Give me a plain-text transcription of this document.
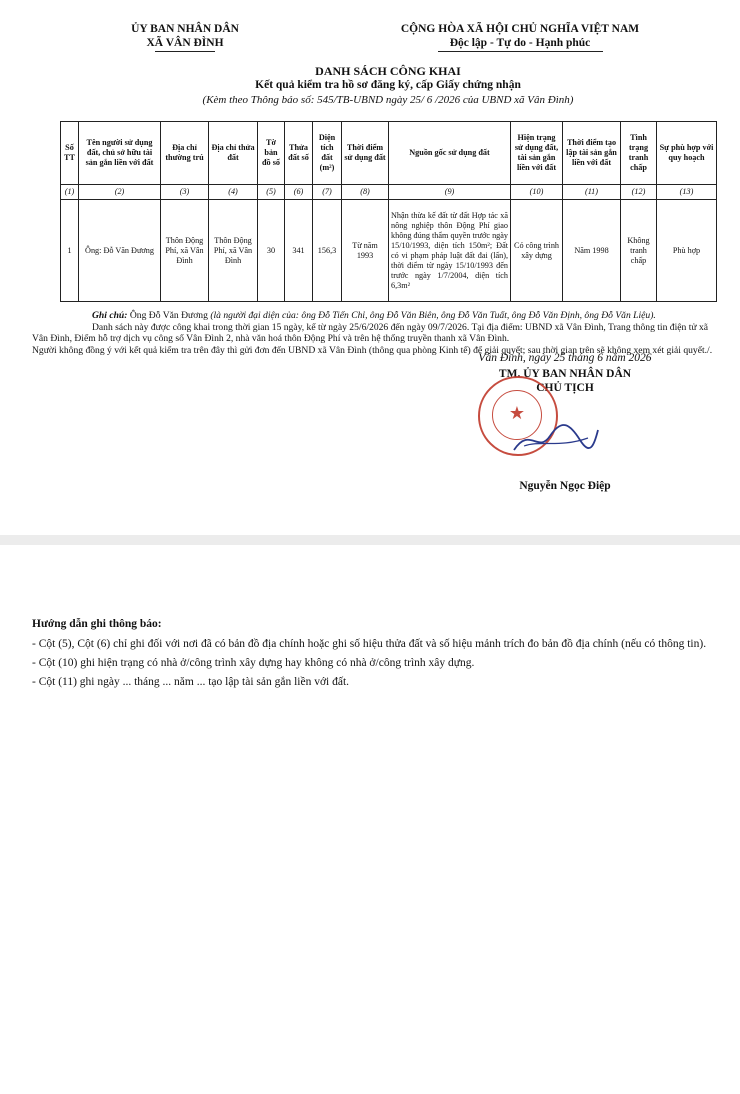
ỦY BAN NHÂN DÂN
XÃ VÂN ĐÌNH
CỘNG HÒA XÃ HỘI CHỦ NGHĨA VIỆT NAM
Độc lập - Tự do - Hạnh phúc
DANH SÁCH CÔNG KHAI
Kết quả kiểm tra hồ sơ đăng ký, cấp Giấy chứng nhận
(Kèm theo Thông báo số: 545/TB-UBND ngày 25/ 6 /2026 của UBND xã Vân Đình)
Số TT	Tên người sử dụng đất, chủ sở hữu tài sản gắn liền với đất	Địa chỉ thường trú	Địa chỉ thửa đất	Tờ bản đồ số	Thửa đất số	Diện tích đất (m²)	Thời điểm sử dụng đất	Nguồn gốc sử dụng đất	Hiện trạng sử dụng đất, tài sản gắn liền với đất	Thời điểm tạo lập tài sản gắn liền với đất	Tình trạng tranh chấp	Sự phù hợp với quy hoạch
(1)	(2)	(3)	(4)	(5)	(6)	(7)	(8)	(9)	(10)	(11)	(12)	(13)
1	Ông: Đỗ Văn Đương	Thôn Động Phí, xã Vân Đình	Thôn Động Phí, xã Vân Đình	30	341	156,3	Từ năm 1993	Nhận thừa kế đất từ đất Hợp tác xã nông nghiệp thôn Động Phí giao không đúng thẩm quyền trước ngày 15/10/1993, diện tích 150m²; Đất có vi phạm pháp luật đất đai (lấn), thời điểm từ ngày 15/10/1993 đến trước ngày 1/7/2004, diện tích 6,3m²	Có công trình xây dựng	Năm 1998	Không tranh chấp	Phù hợp
Ghi chú: Ông Đỗ Văn Đương (là người đại diện của: ông Đỗ Tiến Chỉ, ông Đỗ Văn Biên, ông Đỗ Văn Tuất, ông Đỗ Văn Định, ông Đỗ Văn Liệu).
Danh sách này được công khai trong thời gian 15 ngày, kể từ ngày 25/6/2026 đến ngày 09/7/2026. Tại địa điểm: UBND xã Vân Đình, Trang thông tin điện tử xã Vân Đình, Điểm hỗ trợ dịch vụ công số Vân Đình 2, nhà văn hoá thôn Động Phí và trên hệ thống truyền thanh xã Vân Đình.
Người không đồng ý với kết quả kiểm tra trên đây thì gửi đơn đến UBND xã Vân Đình (thông qua phòng Kinh tế) để giải quyết; sau thời gian trên sẽ không xem xét giải quyết./.
Vân Đình, ngày 25 tháng 6 năm 2026
TM. ỦY BAN NHÂN DÂN
CHỦ TỊCH
★
Nguyễn Ngọc Điệp
Hướng dẫn ghi thông báo:
- Cột (5), Cột (6) chỉ ghi đối với nơi đã có bản đồ địa chính hoặc ghi số hiệu thửa đất và số hiệu mảnh trích đo bản đồ địa chính (nếu có thông tin).
- Cột (10) ghi hiện trạng có nhà ở/công trình xây dựng hay không có nhà ở/công trình xây dựng.
- Cột (11) ghi ngày ... tháng ... năm ... tạo lập tài sản gắn liền với đất.
